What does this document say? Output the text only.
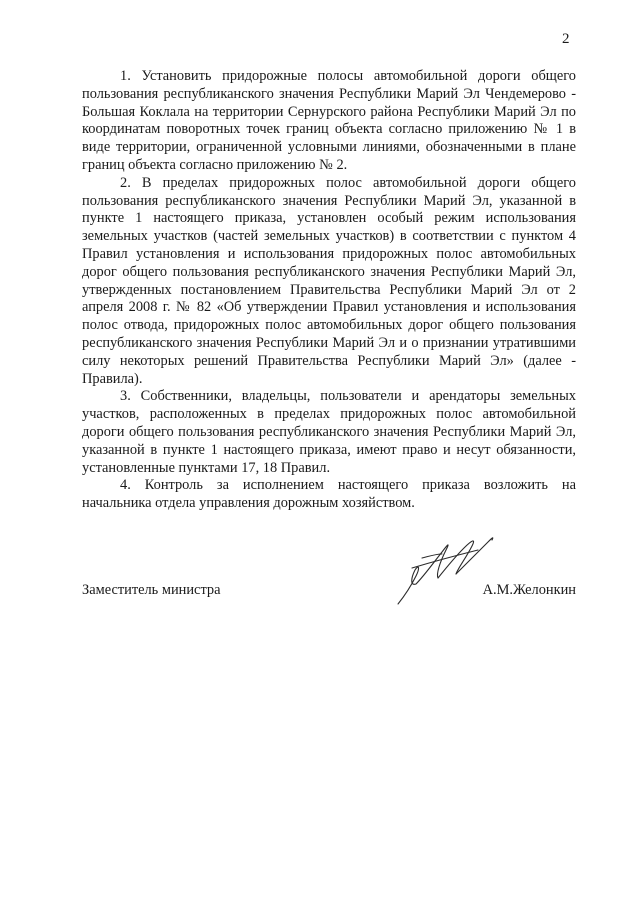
2

1. Установить придорожные полосы автомобильной дороги общего пользования республиканского значения Республики Марий Эл Чендемерово - Большая Коклала на территории Сернурского района Республики Марий Эл по координатам поворотных точек границ объекта согласно приложению № 1 в виде территории, ограниченной условными линиями, обозначенными в плане границ объекта согласно приложению № 2.

2. В пределах придорожных полос автомобильной дороги общего пользования республиканского значения Республики Марий Эл, указанной в пункте 1 настоящего приказа, установлен особый режим использования земельных участков (частей земельных участков) в соответствии с пунктом 4 Правил установления и использования придорожных полос автомобильных дорог общего пользования республиканского значения Республики Марий Эл, утвержденных постановлением Правительства Республики Марий Эл от 2 апреля 2008 г. № 82 «Об утверждении Правил установления и использования полос отвода, придорожных полос автомобильных дорог общего пользования республиканского значения Республики Марий Эл и о признании утратившими силу некоторых решений Правительства Республики Марий Эл» (далее - Правила).

3. Собственники, владельцы, пользователи и арендаторы земельных участков, расположенных в пределах придорожных полос автомобильной дороги общего пользования республиканского значения Республики Марий Эл, указанной в пункте 1 настоящего приказа, имеют право и несут обязанности, установленные пунктами 17, 18 Правил.

4. Контроль за исполнением настоящего приказа возложить на начальника отдела управления дорожным хозяйством.

Заместитель министра	А.М.Желонкин
